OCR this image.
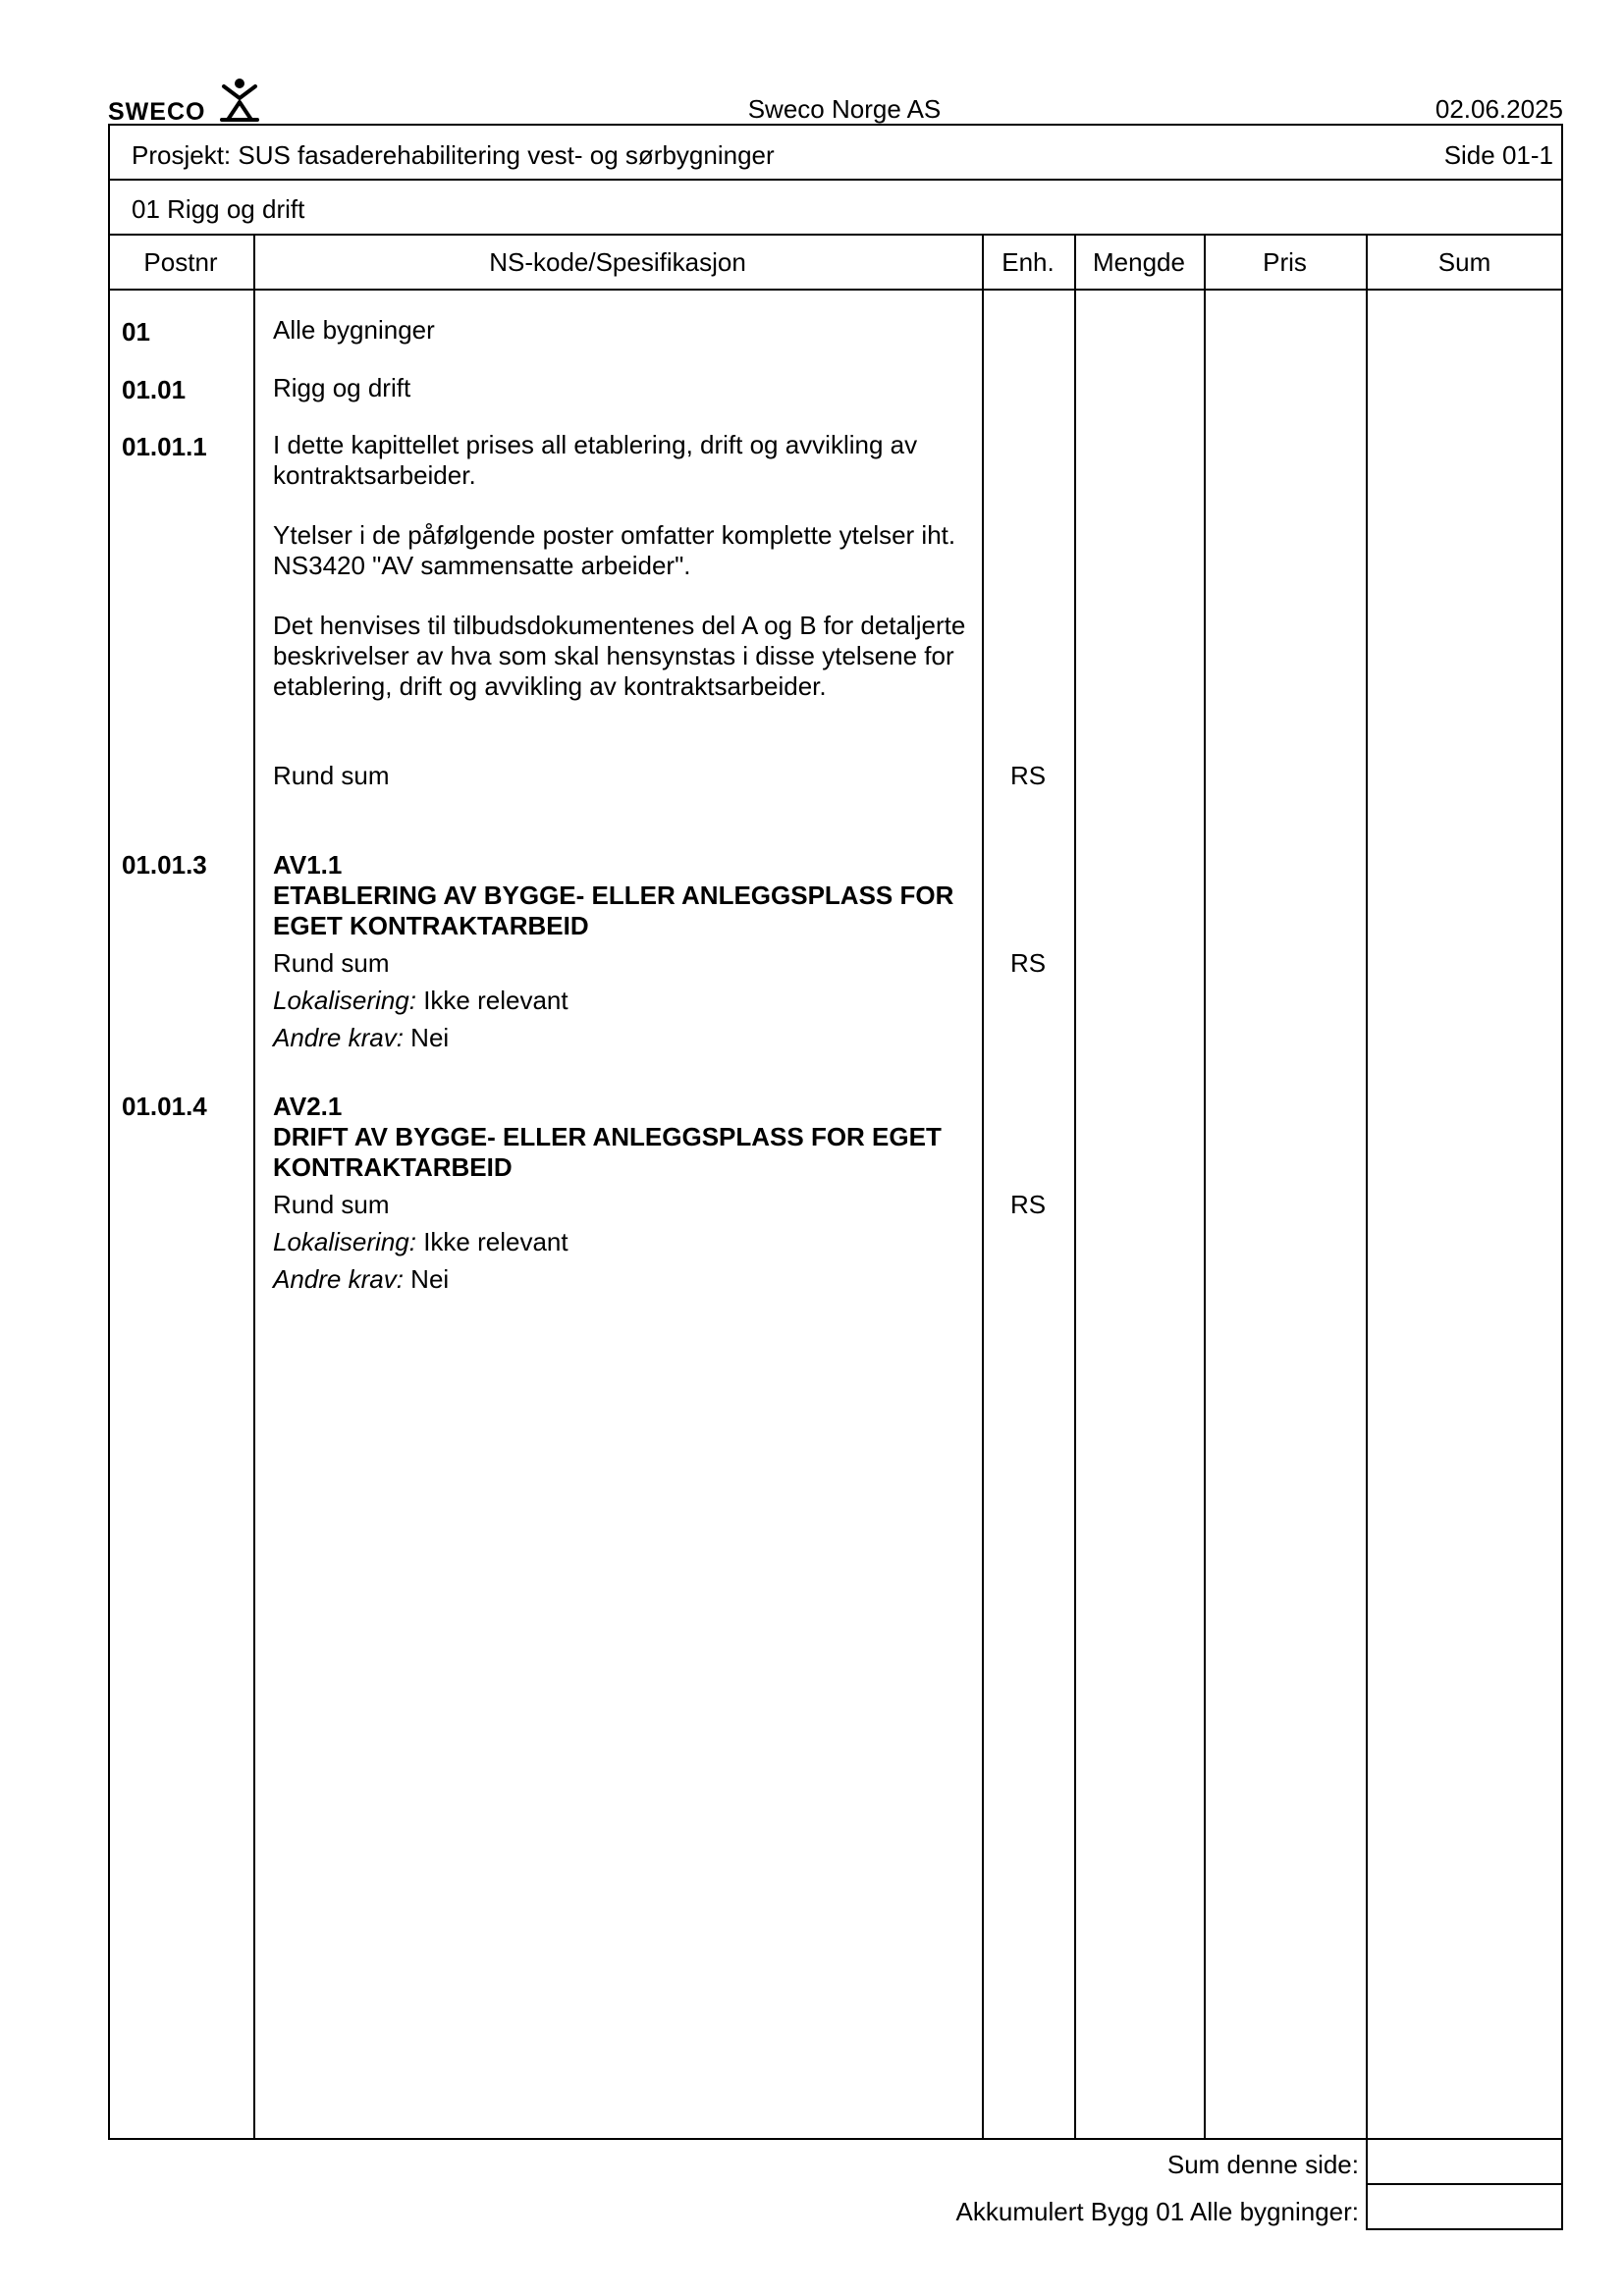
SWECO	Sweco Norge AS	02.06.2025
Prosjekt: SUS fasaderehabilitering vest- og sørbygninger	Side 01-1
01 Rigg og drift
Postnr	NS-kode/Spesifikasjon	Enh.	Mengde	Pris	Sum
01	Alle bygninger
01.01	Rigg og drift
01.01.1	I dette kapittellet prises all etablering, drift og avvikling av kontraktsarbeider.
Ytelser i de påfølgende poster omfatter komplette ytelser iht. NS3420 "AV sammensatte arbeider".
Det henvises til tilbudsdokumentenes del A og B for detaljerte beskrivelser av hva som skal hensynstas i disse ytelsene for etablering, drift og avvikling av kontraktsarbeider.
Rund sum	RS
01.01.3	AV1.1
ETABLERING AV BYGGE- ELLER ANLEGGSPLASS FOR EGET KONTRAKTARBEID
Rund sum	RS
Lokalisering: Ikke relevant
Andre krav: Nei
01.01.4	AV2.1
DRIFT AV BYGGE- ELLER ANLEGGSPLASS FOR EGET KONTRAKTARBEID
Rund sum	RS
Lokalisering: Ikke relevant
Andre krav: Nei
Sum denne side:
Akkumulert Bygg 01 Alle bygninger:
